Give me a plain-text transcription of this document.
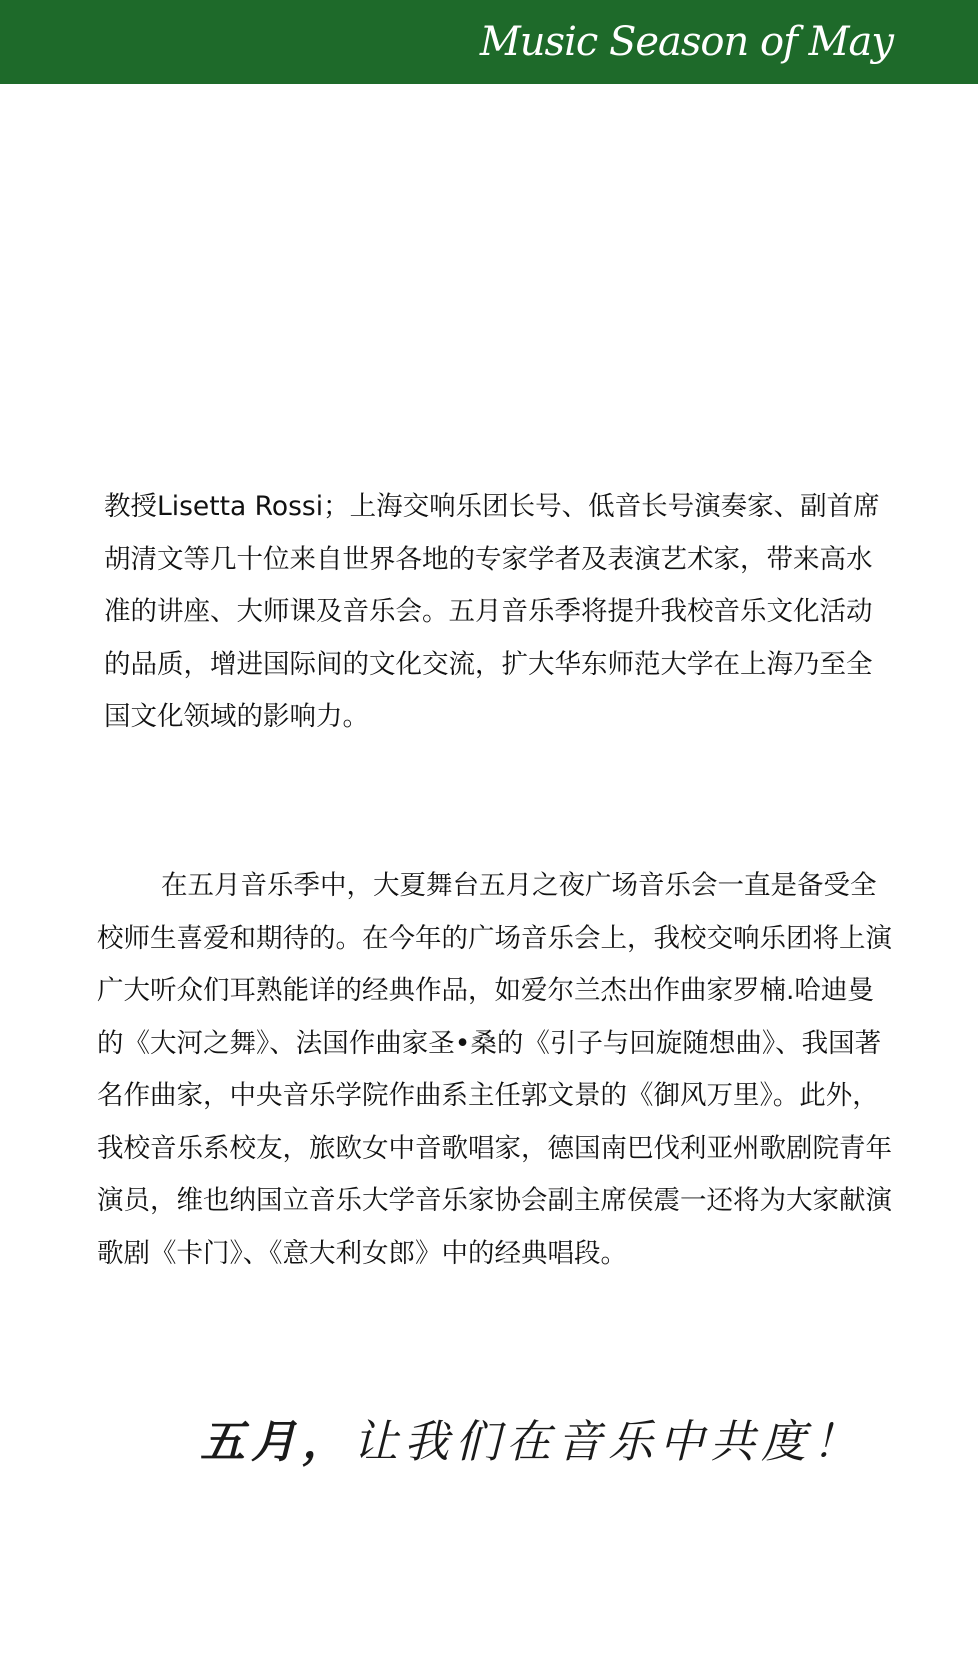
Music Season of May

教授Lisetta Rossi；上海交响乐团长号、低音长号演奏家、副首席胡清文等几十位来自世界各地的专家学者及表演艺术家，带来高水准的讲座、大师课及音乐会。五月音乐季将提升我校音乐文化活动的品质，增进国际间的文化交流，扩大华东师范大学在上海乃至全国文化领域的影响力。

在五月音乐季中，大夏舞台五月之夜广场音乐会一直是备受全校师生喜爱和期待的。在今年的广场音乐会上，我校交响乐团将上演广大听众们耳熟能详的经典作品，如爱尔兰杰出作曲家罗楠.哈迪曼的《大河之舞》、法国作曲家圣•桑的《引子与回旋随想曲》、我国著名作曲家，中央音乐学院作曲系主任郭文景的《御风万里》。此外，我校音乐系校友，旅欧女中音歌唱家，德国南巴伐利亚州歌剧院青年演员，维也纳国立音乐大学音乐家协会副主席侯震一还将为大家献演歌剧《卡门》、《意大利女郎》中的经典唱段。

五月，让我们在音乐中共度！
